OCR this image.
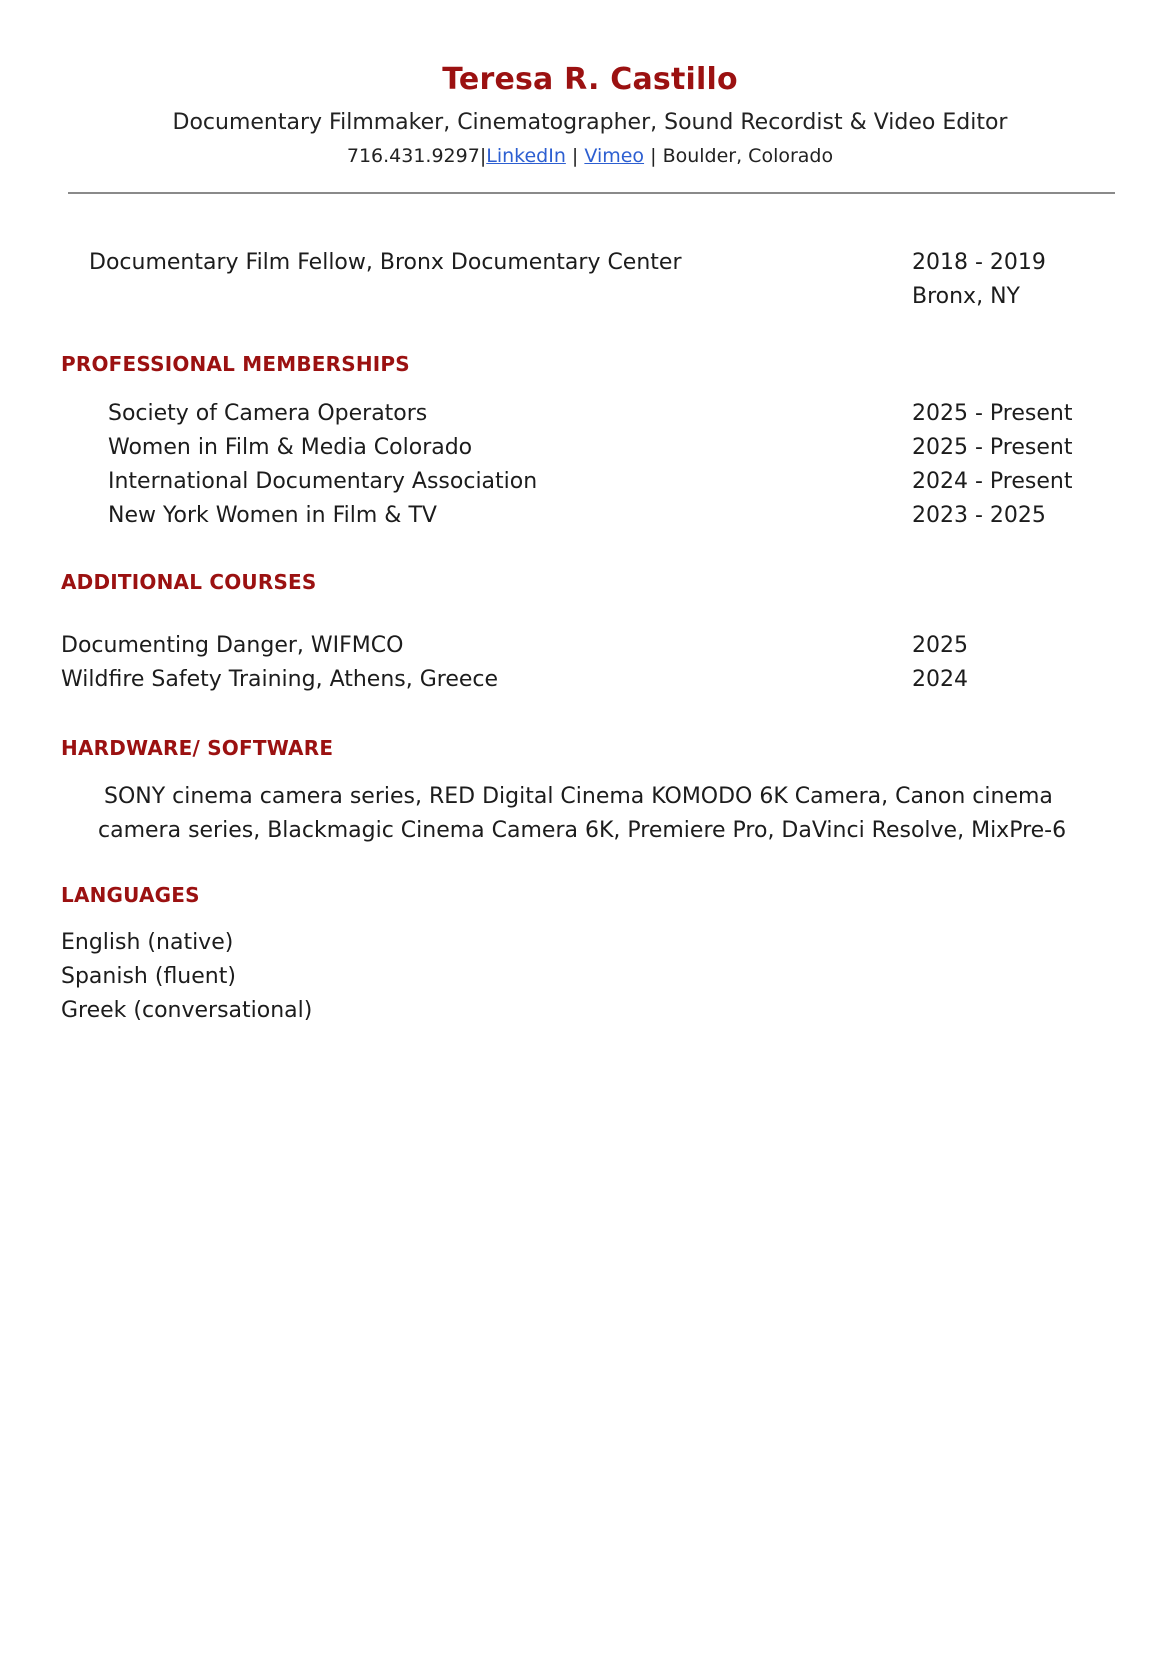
Teresa R. Castillo
Documentary Filmmaker, Cinematographer, Sound Recordist & Video Editor
716.431.9297|LinkedIn | Vimeo | Boulder, Colorado
Documentary Film Fellow, Bronx Documentary Center	2018 - 2019
Bronx, NY
PROFESSIONAL MEMBERSHIPS
Society of Camera Operators	2025 - Present
Women in Film & Media Colorado	2025 - Present
International Documentary Association	2024 - Present
New York Women in Film & TV	2023 - 2025
ADDITIONAL COURSES
Documenting Danger, WIFMCO	2025
Wildfire Safety Training, Athens, Greece	2024
HARDWARE/ SOFTWARE
SONY cinema camera series, RED Digital Cinema KOMODO 6K Camera, Canon cinema camera series, Blackmagic Cinema Camera 6K, Premiere Pro, DaVinci Resolve, MixPre-6
LANGUAGES
English (native)
Spanish (fluent)
Greek (conversational)
